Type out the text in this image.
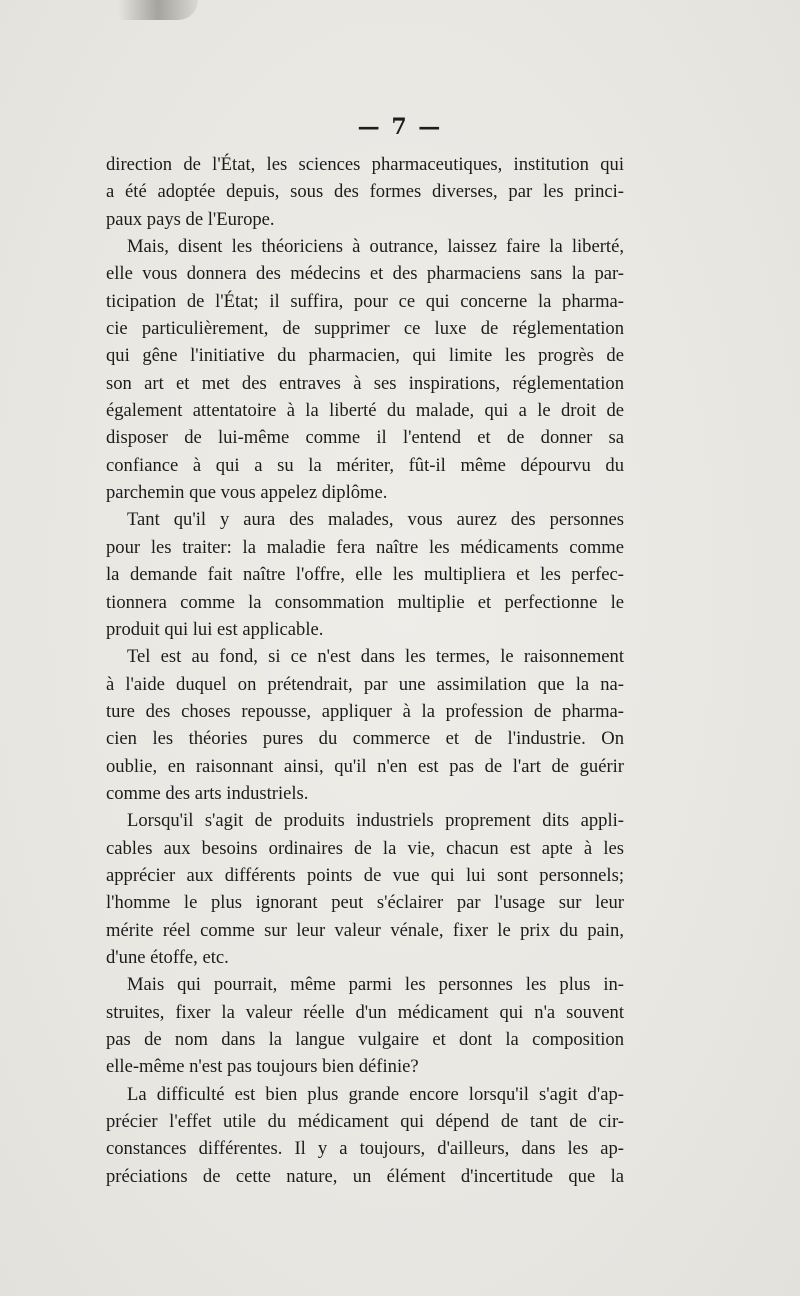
— 7 —
direction de l'État, les sciences pharmaceutiques, institution qui
a été adoptée depuis, sous des formes diverses, par les princi-
paux pays de l'Europe.
Mais, disent les théoriciens à outrance, laissez faire la liberté,
elle vous donnera des médecins et des pharmaciens sans la par-
ticipation de l'État; il suffira, pour ce qui concerne la pharma-
cie particulièrement, de supprimer ce luxe de réglementation
qui gêne l'initiative du pharmacien, qui limite les progrès de
son art et met des entraves à ses inspirations, réglementation
également attentatoire à la liberté du malade, qui a le droit de
disposer de lui-même comme il l'entend et de donner sa
confiance à qui a su la mériter, fût-il même dépourvu du
parchemin que vous appelez diplôme.
Tant qu'il y aura des malades, vous aurez des personnes
pour les traiter: la maladie fera naître les médicaments comme
la demande fait naître l'offre, elle les multipliera et les perfec-
tionnera comme la consommation multiplie et perfectionne le
produit qui lui est applicable.
Tel est au fond, si ce n'est dans les termes, le raisonnement
à l'aide duquel on prétendrait, par une assimilation que la na-
ture des choses repousse, appliquer à la profession de pharma-
cien les théories pures du commerce et de l'industrie. On
oublie, en raisonnant ainsi, qu'il n'en est pas de l'art de guérir
comme des arts industriels.
Lorsqu'il s'agit de produits industriels proprement dits appli-
cables aux besoins ordinaires de la vie, chacun est apte à les
apprécier aux différents points de vue qui lui sont personnels;
l'homme le plus ignorant peut s'éclairer par l'usage sur leur
mérite réel comme sur leur valeur vénale, fixer le prix du pain,
d'une étoffe, etc.
Mais qui pourrait, même parmi les personnes les plus in-
struites, fixer la valeur réelle d'un médicament qui n'a souvent
pas de nom dans la langue vulgaire et dont la composition
elle-même n'est pas toujours bien définie?
La difficulté est bien plus grande encore lorsqu'il s'agit d'ap-
précier l'effet utile du médicament qui dépend de tant de cir-
constances différentes. Il y a toujours, d'ailleurs, dans les ap-
préciations de cette nature, un élément d'incertitude que la
